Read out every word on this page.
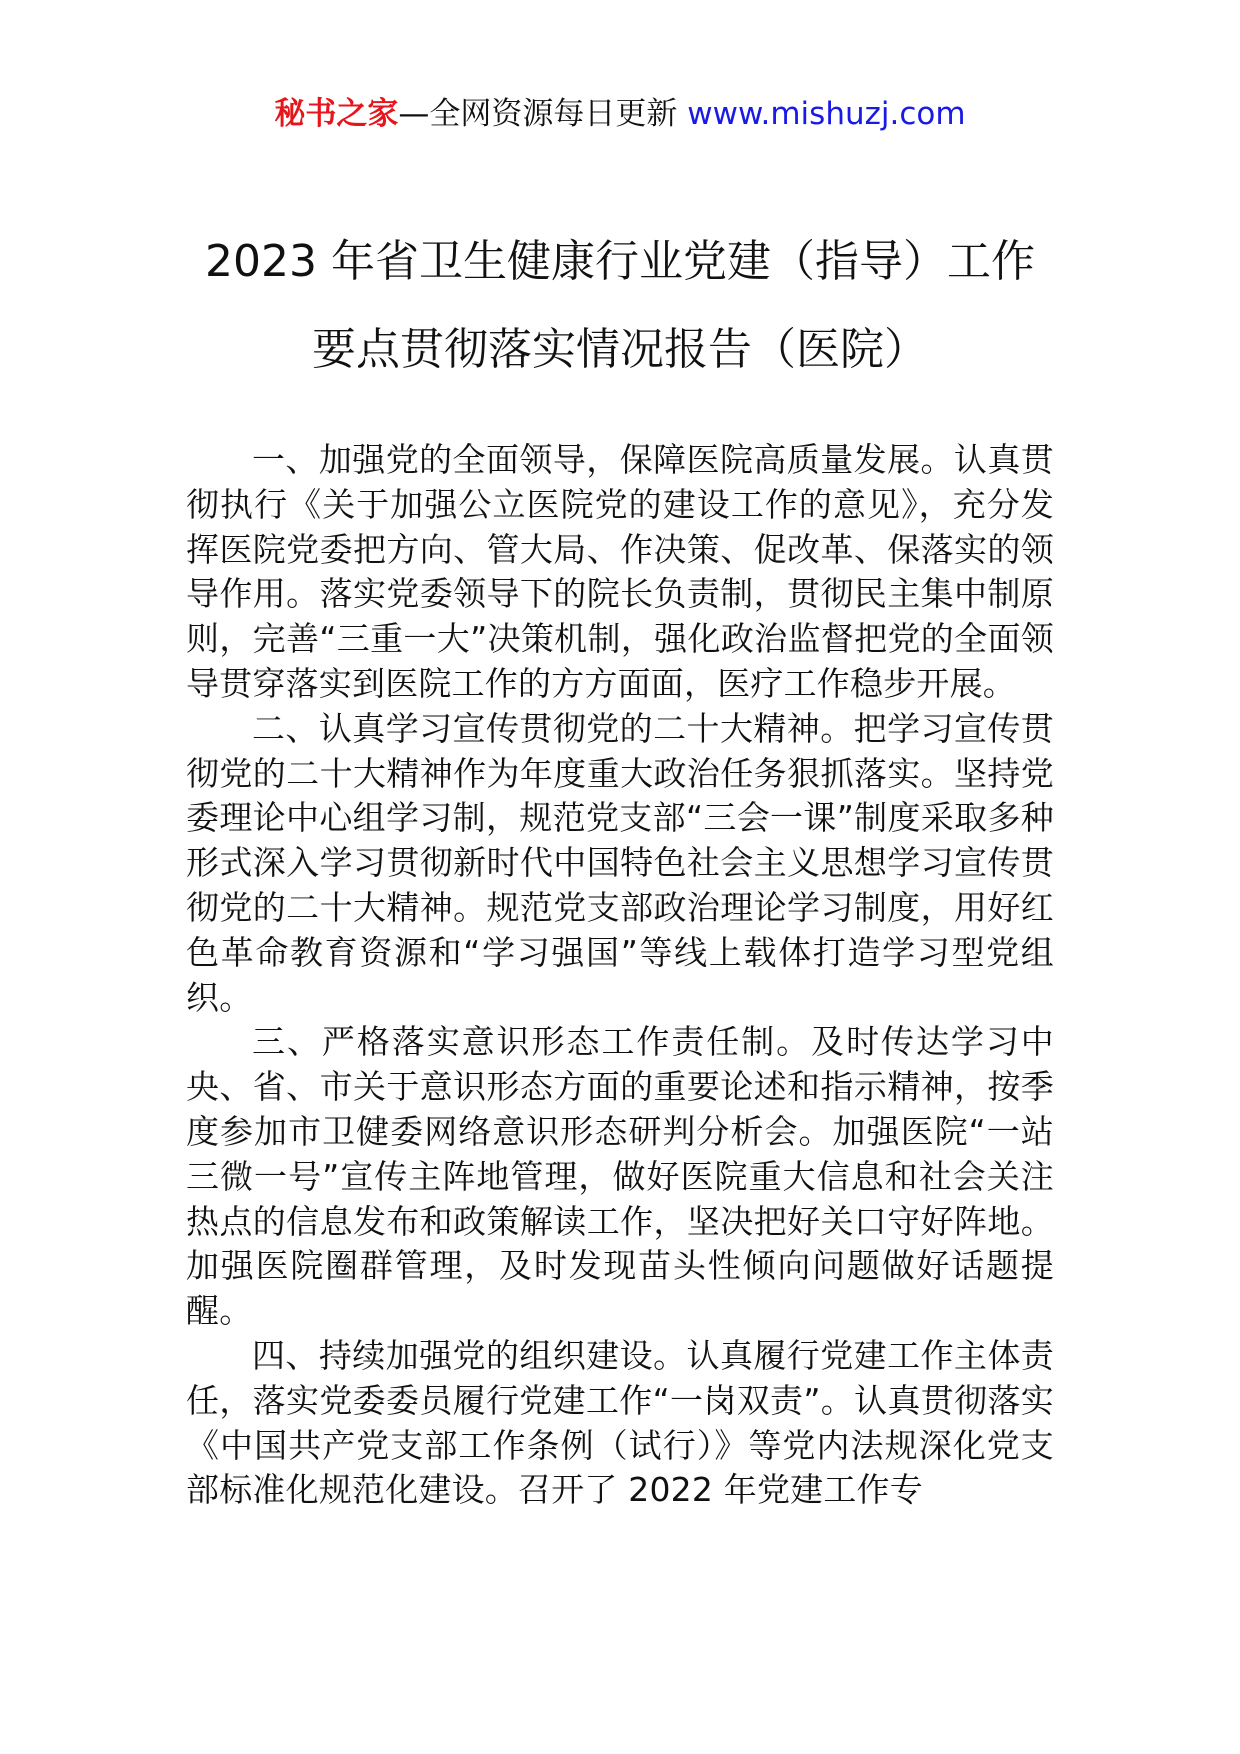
秘书之家—全网资源每日更新 www.mishuzj.com
2023 年省卫生健康行业党建（指导）工作
要点贯彻落实情况报告（医院）

一、加强党的全面领导，保障医院高质量发展。认真贯彻执行《关于加强公立医院党的建设工作的意见》，充分发挥医院党委把方向、管大局、作决策、促改革、保落实的领导作用。落实党委领导下的院长负责制，贯彻民主集中制原则，完善“三重一大”决策机制，强化政治监督把党的全面领导贯穿落实到医院工作的方方面面，医疗工作稳步开展。

二、认真学习宣传贯彻党的二十大精神。把学习宣传贯彻党的二十大精神作为年度重大政治任务狠抓落实。坚持党委理论中心组学习制，规范党支部“三会一课”制度采取多种形式深入学习贯彻新时代中国特色社会主义思想学习宣传贯彻党的二十大精神。规范党支部政治理论学习制度，用好红色革命教育资源和“学习强国”等线上载体打造学习型党组织。

三、严格落实意识形态工作责任制。及时传达学习中央、省、市关于意识形态方面的重要论述和指示精神，按季度参加市卫健委网络意识形态研判分析会。加强医院“一站三微一号”宣传主阵地管理，做好医院重大信息和社会关注热点的信息发布和政策解读工作，坚决把好关口守好阵地。加强医院圈群管理，及时发现苗头性倾向问题做好话题提醒。

四、持续加强党的组织建设。认真履行党建工作主体责任，落实党委委员履行党建工作“一岗双责”。认真贯彻落实《中国共产党支部工作条例（试行）》等党内法规深化党支部标准化规范化建设。召开了 2022 年党建工作专
